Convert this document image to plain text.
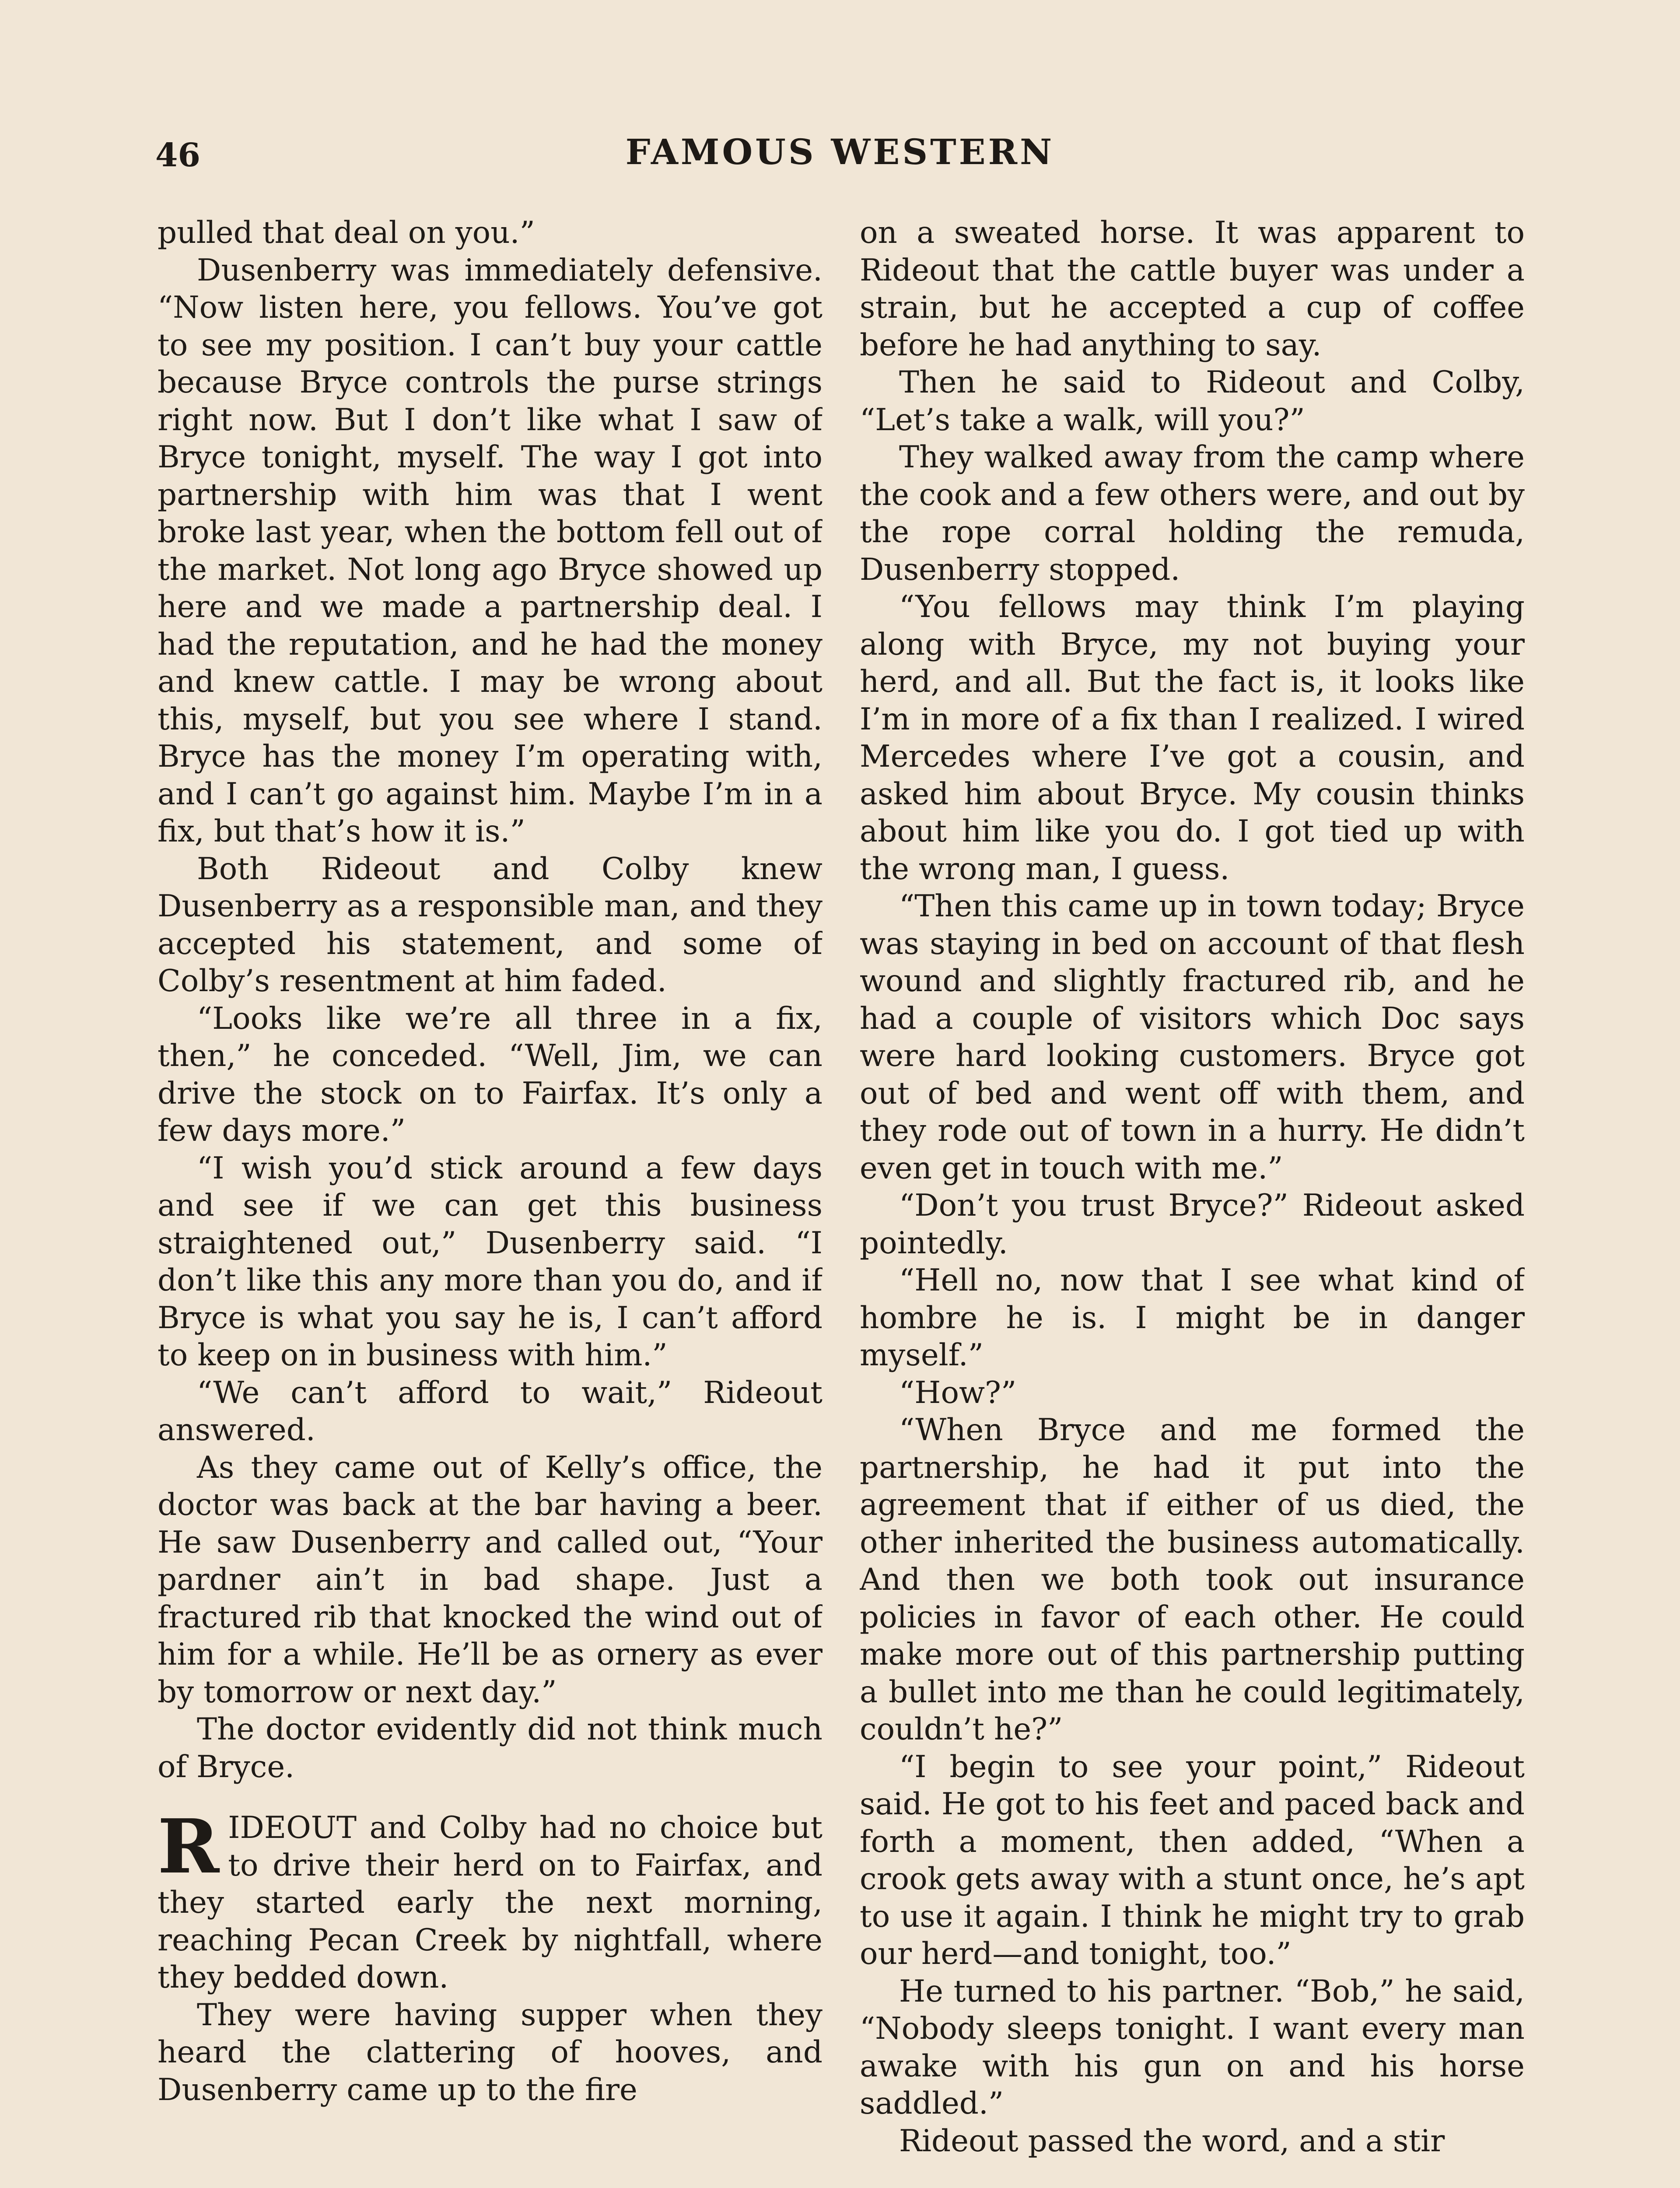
46	FAMOUS WESTERN

pulled that deal on you.”

Dusenberry was immediately defensive. “Now listen here, you fellows. You’ve got to see my position. I can’t buy your cattle because Bryce controls the purse strings right now. But I don’t like what I saw of Bryce tonight, myself. The way I got into partnership with him was that I went broke last year, when the bottom fell out of the market. Not long ago Bryce showed up here and we made a partnership deal. I had the reputation, and he had the money and knew cattle. I may be wrong about this, myself, but you see where I stand. Bryce has the money I’m operating with, and I can’t go against him. Maybe I’m in a fix, but that’s how it is.”

Both Rideout and Colby knew Dusenberry as a responsible man, and they accepted his statement, and some of Colby’s resentment at him faded.

“Looks like we’re all three in a fix, then,” he conceded. “Well, Jim, we can drive the stock on to Fairfax. It’s only a few days more.”

“I wish you’d stick around a few days and see if we can get this business straightened out,” Dusenberry said. “I don’t like this any more than you do, and if Bryce is what you say he is, I can’t afford to keep on in business with him.”

“We can’t afford to wait,” Rideout answered.

As they came out of Kelly’s office, the doctor was back at the bar having a beer. He saw Dusenberry and called out, “Your pardner ain’t in bad shape. Just a fractured rib that knocked the wind out of him for a while. He’ll be as ornery as ever by tomorrow or next day.”

The doctor evidently did not think much of Bryce.

RIDEOUT and Colby had no choice but to drive their herd on to Fairfax, and they started early the next morning, reaching Pecan Creek by nightfall, where they bedded down.

They were having supper when they heard the clattering of hooves, and Dusenberry came up to the fire

on a sweated horse. It was apparent to Rideout that the cattle buyer was under a strain, but he accepted a cup of coffee before he had anything to say.

Then he said to Rideout and Colby, “Let’s take a walk, will you?”

They walked away from the camp where the cook and a few others were, and out by the rope corral holding the remuda, Dusenberry stopped.

“You fellows may think I’m playing along with Bryce, my not buying your herd, and all. But the fact is, it looks like I’m in more of a fix than I realized. I wired Mercedes where I’ve got a cousin, and asked him about Bryce. My cousin thinks about him like you do. I got tied up with the wrong man, I guess.

“Then this came up in town today; Bryce was staying in bed on account of that flesh wound and slightly fractured rib, and he had a couple of visitors which Doc says were hard looking customers. Bryce got out of bed and went off with them, and they rode out of town in a hurry. He didn’t even get in touch with me.”

“Don’t you trust Bryce?” Rideout asked pointedly.

“Hell no, now that I see what kind of hombre he is. I might be in danger myself.”

“How?”

“When Bryce and me formed the partnership, he had it put into the agreement that if either of us died, the other inherited the business automatically. And then we both took out insurance policies in favor of each other. He could make more out of this partnership putting a bullet into me than he could legitimately, couldn’t he?”

“I begin to see your point,” Rideout said. He got to his feet and paced back and forth a moment, then added, “When a crook gets away with a stunt once, he’s apt to use it again. I think he might try to grab our herd—and tonight, too.”

He turned to his partner. “Bob,” he said, “Nobody sleeps tonight. I want every man awake with his gun on and his horse saddled.”

Rideout passed the word, and a stir
